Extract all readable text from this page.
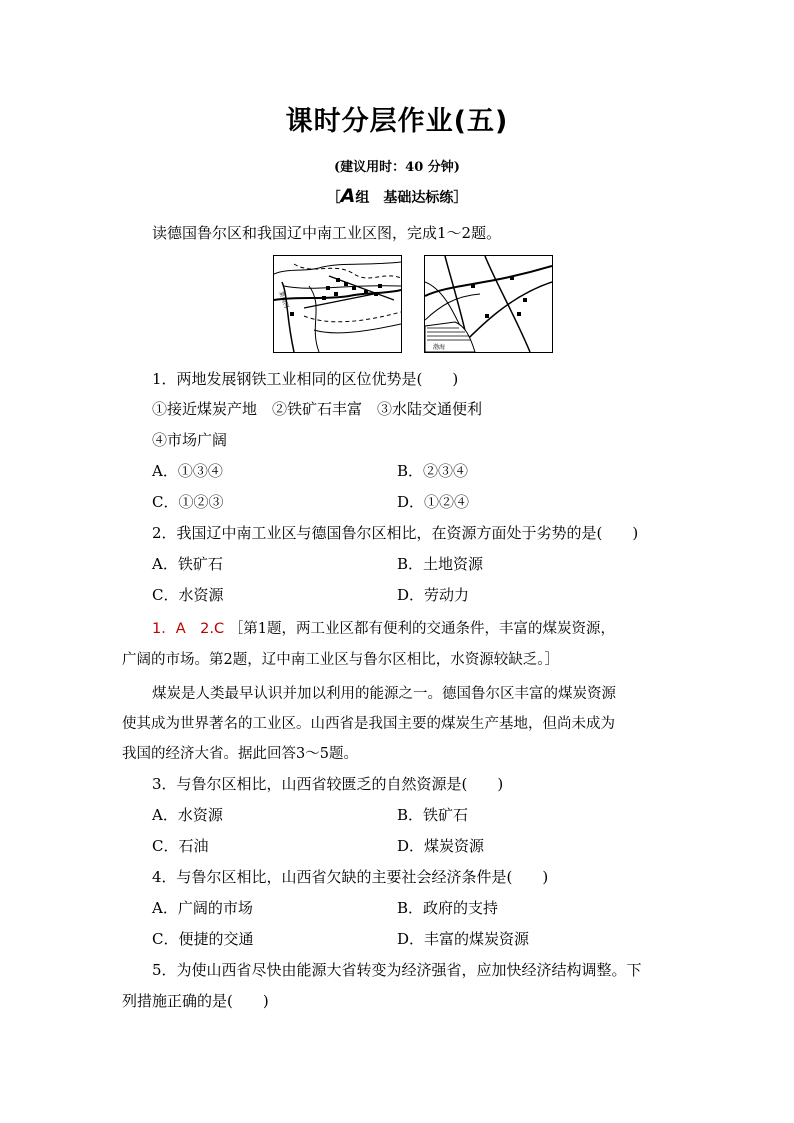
课时分层作业(五)
(建议用时：40 分钟)
［A组　基础达标练］
读德国鲁尔区和我国辽中南工业区图，完成1～2题。
莱茵河
渤海
1．两地发展钢铁工业相同的区位优势是(　　)
①接近煤炭产地　②铁矿石丰富　③水陆交通便利
④市场广阔
A．①③④	B．②③④
C．①②③	D．①②④
2．我国辽中南工业区与德国鲁尔区相比，在资源方面处于劣势的是(　　)
A．铁矿石	B．土地资源
C．水资源	D．劳动力
1．A　2.C ［第1题，两工业区都有便利的交通条件，丰富的煤炭资源，
广阔的市场。第2题，辽中南工业区与鲁尔区相比，水资源较缺乏。］
煤炭是人类最早认识并加以利用的能源之一。德国鲁尔区丰富的煤炭资源
使其成为世界著名的工业区。山西省是我国主要的煤炭生产基地，但尚未成为
我国的经济大省。据此回答3～5题。
3．与鲁尔区相比，山西省较匮乏的自然资源是(　　)
A．水资源	B．铁矿石
C．石油	D．煤炭资源
4．与鲁尔区相比，山西省欠缺的主要社会经济条件是(　　)
A．广阔的市场	B．政府的支持
C．便捷的交通	D．丰富的煤炭资源
5．为使山西省尽快由能源大省转变为经济强省，应加快经济结构调整。下
列措施正确的是(　　)
